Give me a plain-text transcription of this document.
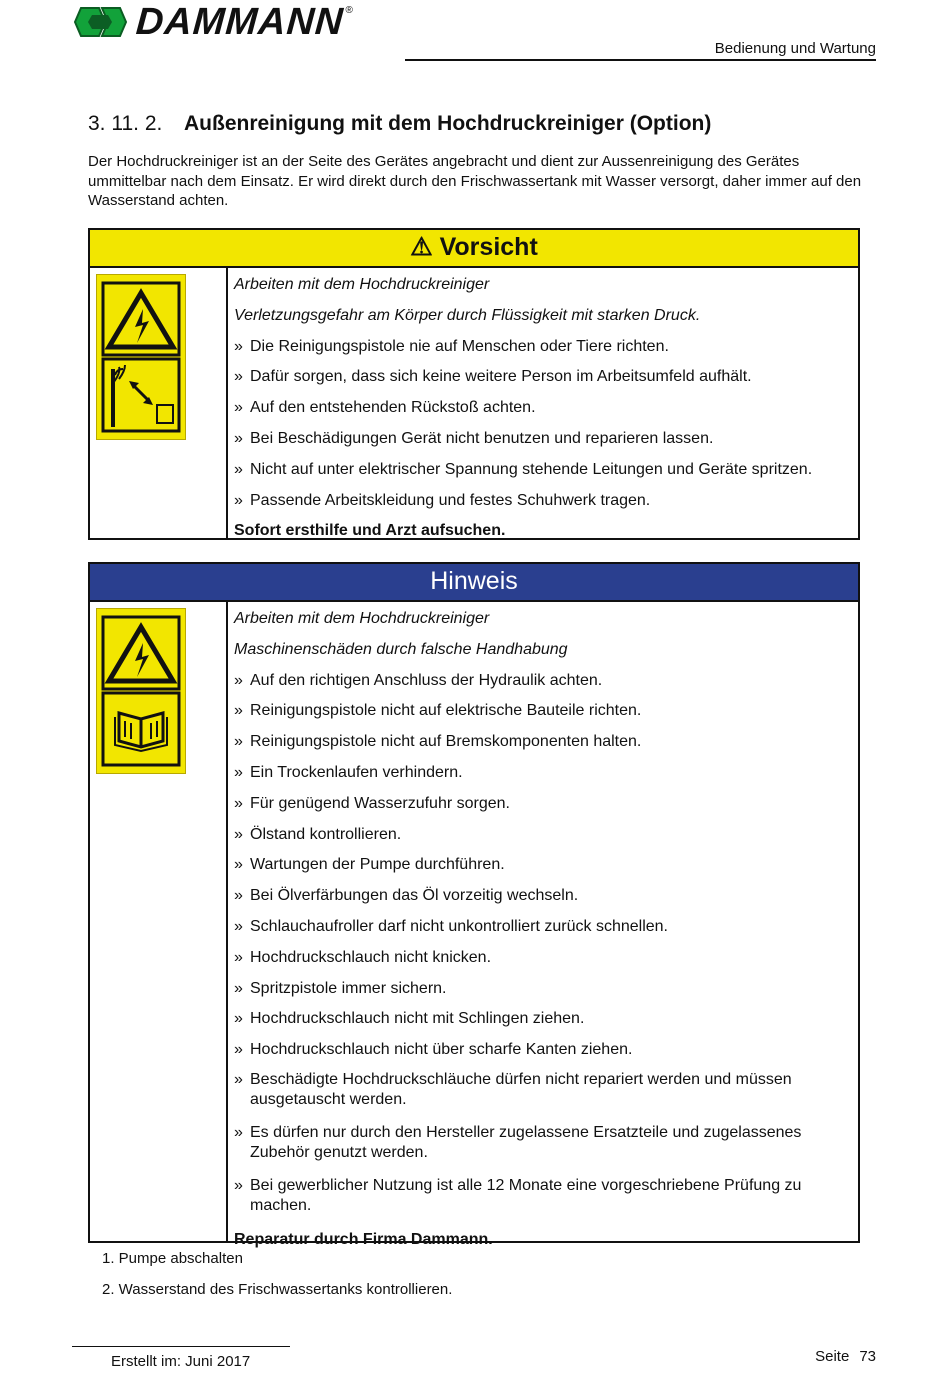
DAMMANN ®
Bedienung und Wartung
3. 11. 2. Außenreinigung mit dem Hochdruckreiniger (Option)
Der Hochdruckreiniger ist an der Seite des Gerätes angebracht und dient zur Aussenreinigung des Gerätes ummittelbar nach dem Einsatz. Er wird direkt durch den Frischwassertank mit Wasser versorgt, daher immer auf den Wasserstand achten.
⚠ Vorsicht
Arbeiten mit dem Hochdruckreiniger
Verletzungsgefahr am Körper durch Flüssigkeit mit starken Druck.
» Die Reinigungspistole nie auf Menschen oder Tiere richten.
» Dafür sorgen, dass sich keine weitere Person im Arbeitsumfeld aufhält.
» Auf den entstehenden Rückstoß achten.
» Bei Beschädigungen Gerät nicht benutzen und reparieren lassen.
» Nicht auf unter elektrischer Spannung stehende Leitungen und Geräte spritzen.
» Passende Arbeitskleidung und festes Schuhwerk tragen.
Sofort ersthilfe und Arzt aufsuchen.
Hinweis
Arbeiten mit dem Hochdruckreiniger
Maschinenschäden durch falsche Handhabung
» Auf den richtigen Anschluss der Hydraulik achten.
» Reinigungspistole nicht auf elektrische Bauteile richten.
» Reinigungspistole nicht auf Bremskomponenten halten.
» Ein Trockenlaufen verhindern.
» Für genügend Wasserzufuhr sorgen.
» Ölstand kontrollieren.
» Wartungen der Pumpe durchführen.
» Bei Ölverfärbungen das Öl vorzeitig wechseln.
» Schlauchaufroller darf nicht unkontrolliert zurück schnellen.
» Hochdruckschlauch nicht knicken.
» Spritzpistole immer sichern.
» Hochdruckschlauch nicht mit Schlingen ziehen.
» Hochdruckschlauch nicht über scharfe Kanten ziehen.
» Beschädigte Hochdruckschläuche dürfen nicht repariert werden und müssen ausgetauscht werden.
» Es dürfen nur durch den Hersteller zugelassene Ersatzteile und zugelassenes Zubehör genutzt werden.
» Bei gewerblicher Nutzung ist alle 12 Monate eine vorgeschriebene Prüfung zu machen.
Reparatur durch Firma Dammann.
1. Pumpe abschalten
2. Wasserstand des Frischwassertanks kontrollieren.
Erstellt im: Juni 2017	Seite 73
